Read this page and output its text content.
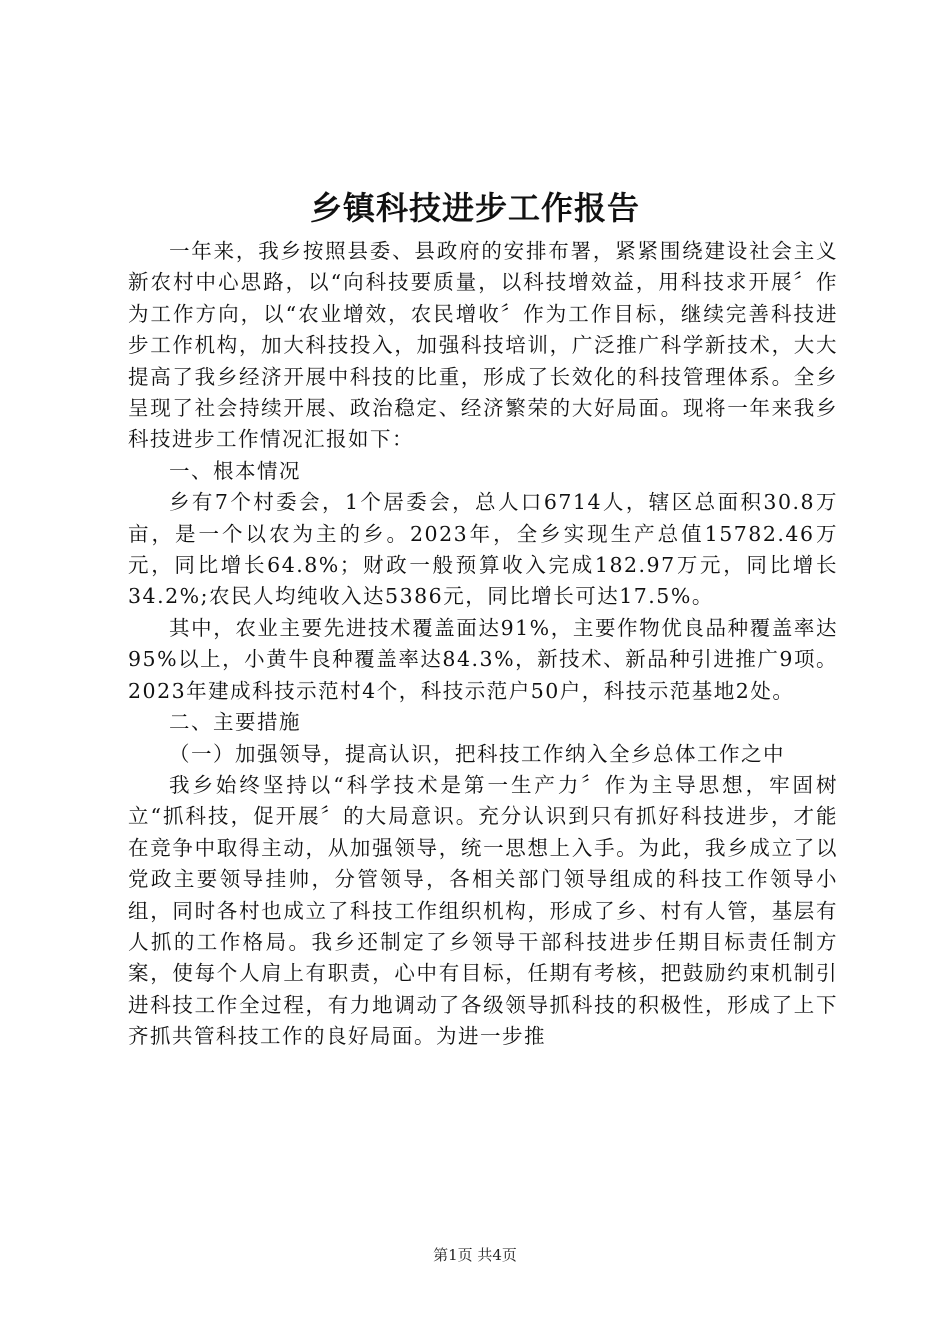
乡镇科技进步工作报告

一年来，我乡按照县委、县政府的安排布署，紧紧围绕建设社会主义新农村中心思路，以“向科技要质量，以科技增效益，用科技求开展〞作为工作方向，以“农业增效，农民增收〞作为工作目标，继续完善科技进步工作机构，加大科技投入，加强科技培训，广泛推广科学新技术，大大提高了我乡经济开展中科技的比重，形成了长效化的科技管理体系。全乡呈现了社会持续开展、政治稳定、经济繁荣的大好局面。现将一年来我乡科技进步工作情况汇报如下：

一、根本情况

乡有7个村委会，1个居委会，总人口6714人，辖区总面积30.8万亩，是一个以农为主的乡。2023年，全乡实现生产总值15782.46万元，同比增长64.8%；财政一般预算收入完成182.97万元，同比增长34.2%;农民人均纯收入达5386元，同比增长可达17.5%。

其中，农业主要先进技术覆盖面达91%，主要作物优良品种覆盖率达95%以上，小黄牛良种覆盖率达84.3%，新技术、新品种引进推广9项。2023年建成科技示范村4个，科技示范户50户，科技示范基地2处。

二、主要措施

（一）加强领导，提高认识，把科技工作纳入全乡总体工作之中

我乡始终坚持以“科学技术是第一生产力〞作为主导思想，牢固树立“抓科技，促开展〞的大局意识。充分认识到只有抓好科技进步，才能在竞争中取得主动，从加强领导，统一思想上入手。为此，我乡成立了以党政主要领导挂帅，分管领导，各相关部门领导组成的科技工作领导小组，同时各村也成立了科技工作组织机构，形成了乡、村有人管，基层有人抓的工作格局。我乡还制定了乡领导干部科技进步任期目标责任制方案，使每个人肩上有职责，心中有目标，任期有考核，把鼓励约束机制引进科技工作全过程，有力地调动了各级领导抓科技的积极性，形成了上下齐抓共管科技工作的良好局面。为进一步推

第1页 共4页
